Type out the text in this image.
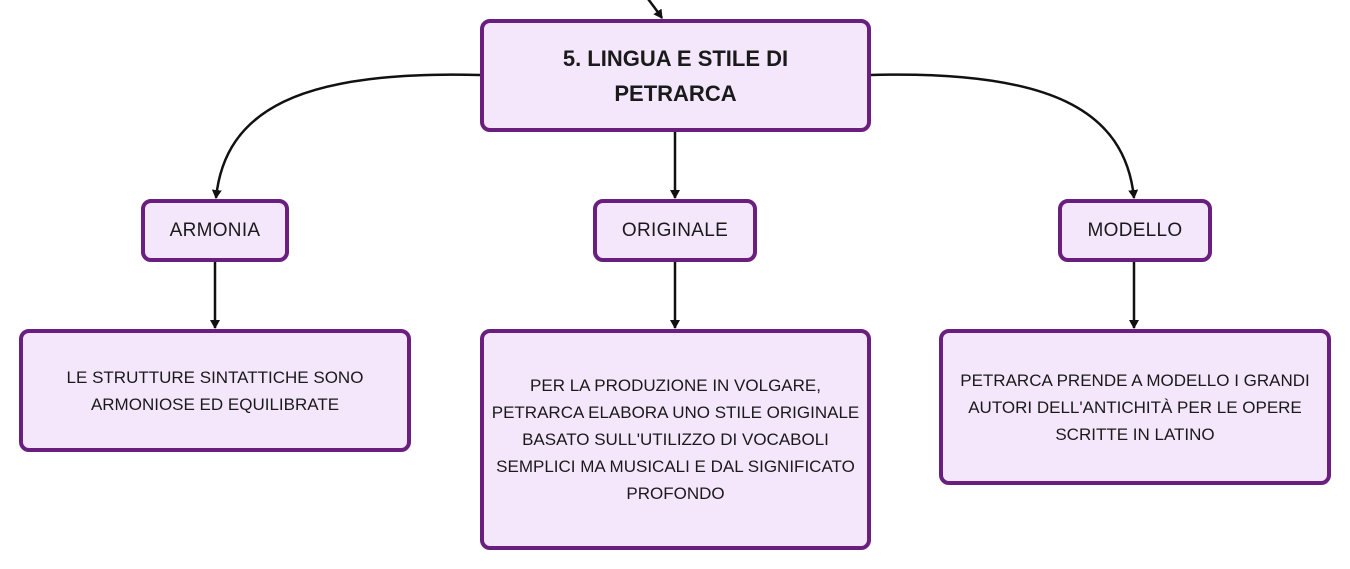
5. LINGUA E STILE DI PETRARCA
ARMONIA	ORIGINALE	MODELLO
LE STRUTTURE SINTATTICHE SONO ARMONIOSE ED EQUILIBRATE
PER LA PRODUZIONE IN VOLGARE, PETRARCA ELABORA UNO STILE ORIGINALE BASATO SULL'UTILIZZO DI VOCABOLI SEMPLICI MA MUSICALI E DAL SIGNIFICATO PROFONDO
PETRARCA PRENDE A MODELLO I GRANDI AUTORI DELL'ANTICHITÀ PER LE OPERE SCRITTE IN LATINO
